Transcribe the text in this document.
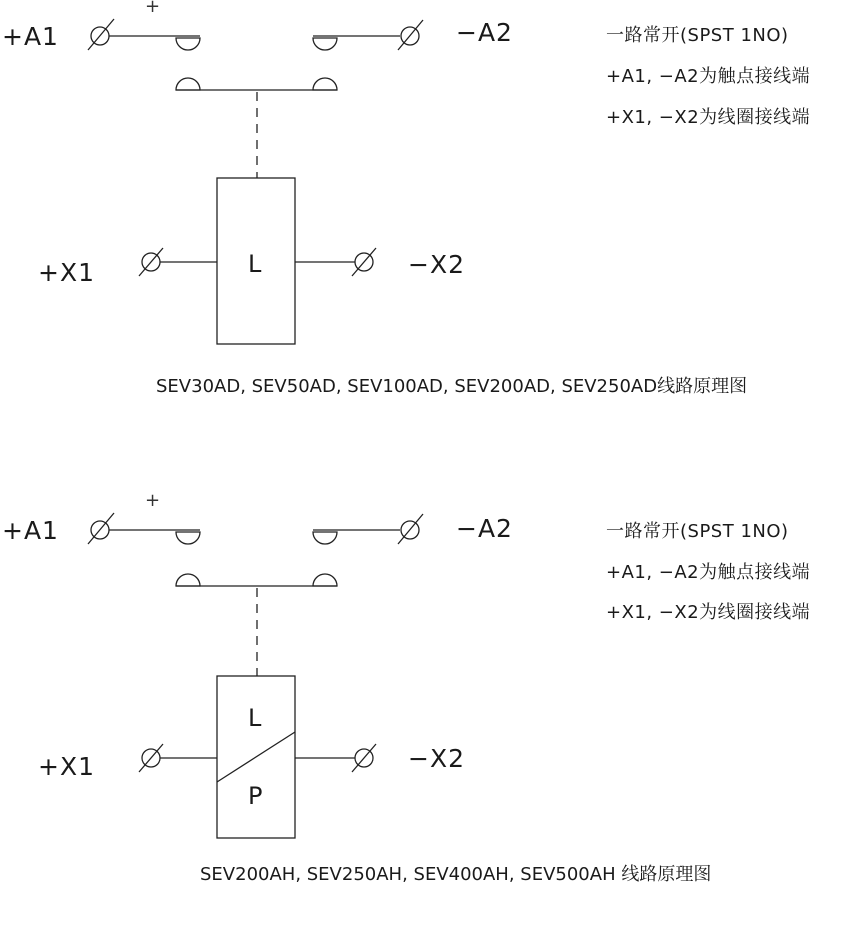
+
+A1	−A2
+X1	−X2
L
一路常开(SPST 1NO)
+A1, −A2为触点接线端
+X1, −X2为线圈接线端
SEV30AD, SEV50AD, SEV100AD, SEV200AD, SEV250AD线路原理图
+
+A1	−A2
+X1	−X2
L
P
一路常开(SPST 1NO)
+A1, −A2为触点接线端
+X1, −X2为线圈接线端
SEV200AH, SEV250AH, SEV400AH, SEV500AH 线路原理图
